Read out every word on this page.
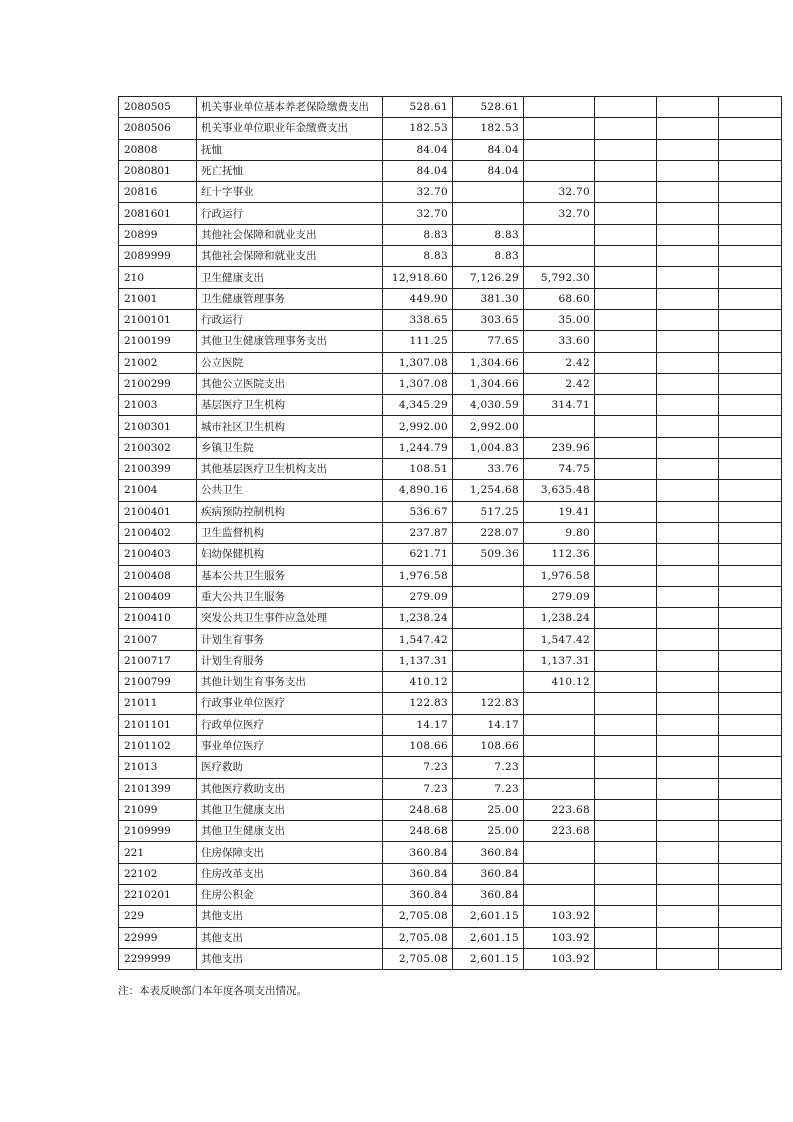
2080505	机关事业单位基本养老保险缴费支出	528.61	528.61				
2080506	机关事业单位职业年金缴费支出	182.53	182.53				
20808	抚恤	84.04	84.04				
2080801	死亡抚恤	84.04	84.04				
20816	红十字事业	32.70		32.70			
2081601	行政运行	32.70		32.70			
20899	其他社会保障和就业支出	8.83	8.83				
2089999	其他社会保障和就业支出	8.83	8.83				
210	卫生健康支出	12,918.60	7,126.29	5,792.30			
21001	卫生健康管理事务	449.90	381.30	68.60			
2100101	行政运行	338.65	303.65	35.00			
2100199	其他卫生健康管理事务支出	111.25	77.65	33.60			
21002	公立医院	1,307.08	1,304.66	2.42			
2100299	其他公立医院支出	1,307.08	1,304.66	2.42			
21003	基层医疗卫生机构	4,345.29	4,030.59	314.71			
2100301	城市社区卫生机构	2,992.00	2,992.00				
2100302	乡镇卫生院	1,244.79	1,004.83	239.96			
2100399	其他基层医疗卫生机构支出	108.51	33.76	74.75			
21004	公共卫生	4,890.16	1,254.68	3,635.48			
2100401	疾病预防控制机构	536.67	517.25	19.41			
2100402	卫生监督机构	237.87	228.07	9.80			
2100403	妇幼保健机构	621.71	509.36	112.36			
2100408	基本公共卫生服务	1,976.58		1,976.58			
2100409	重大公共卫生服务	279.09		279.09			
2100410	突发公共卫生事件应急处理	1,238.24		1,238.24			
21007	计划生育事务	1,547.42		1,547.42			
2100717	计划生育服务	1,137.31		1,137.31			
2100799	其他计划生育事务支出	410.12		410.12			
21011	行政事业单位医疗	122.83	122.83				
2101101	行政单位医疗	14.17	14.17				
2101102	事业单位医疗	108.66	108.66				
21013	医疗救助	7.23	7.23				
2101399	其他医疗救助支出	7.23	7.23				
21099	其他卫生健康支出	248.68	25.00	223.68			
2109999	其他卫生健康支出	248.68	25.00	223.68			
221	住房保障支出	360.84	360.84				
22102	住房改革支出	360.84	360.84				
2210201	住房公积金	360.84	360.84				
229	其他支出	2,705.08	2,601.15	103.92			
22999	其他支出	2,705.08	2,601.15	103.92			
2299999	其他支出	2,705.08	2,601.15	103.92			
注：本表反映部门本年度各项支出情况。
